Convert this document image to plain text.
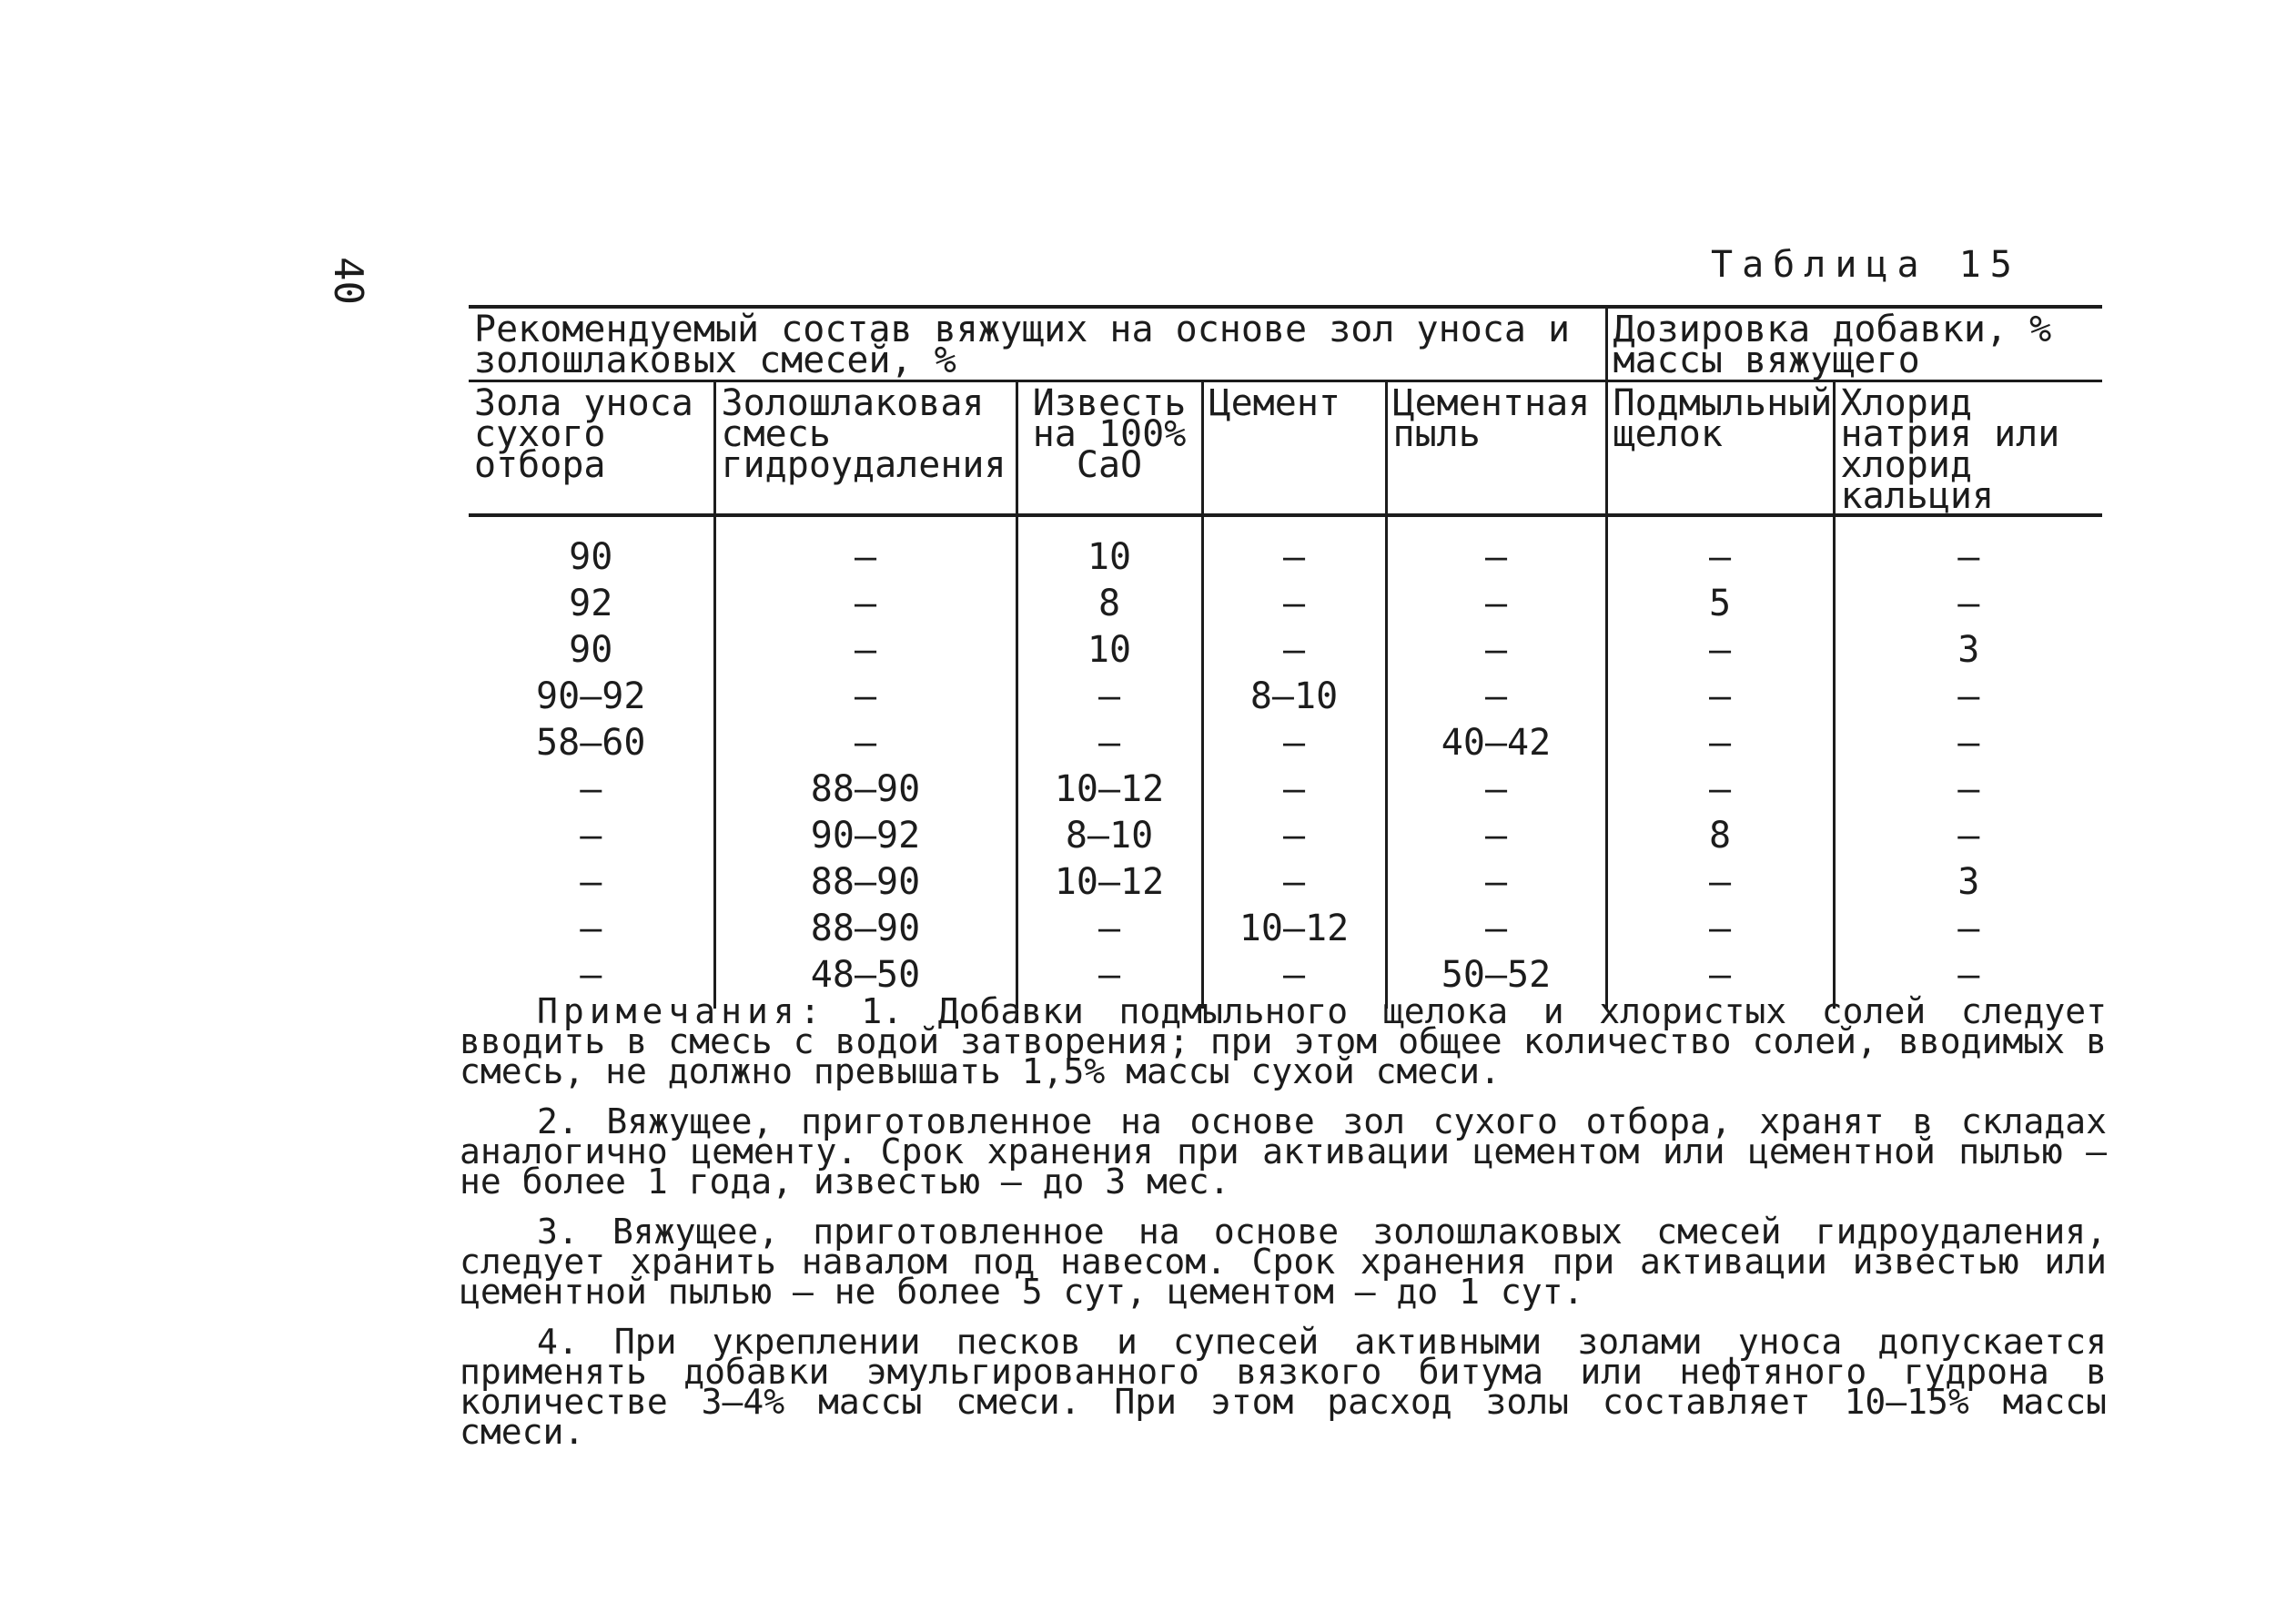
40	Таблица 15
Рекомендуемый состав вяжущих на основе зол уноса и золошлаковых смесей, %					Дозировка добавки, % массы вяжущего	
Зола уноса сухого отбора	Золошлаковая смесь гидроудаления	Известь на 100% СаО	Цемент	Цементная пыль	Подмыльный щелок	Хлорид натрия или хлорид кальция
90	–	10	–	–	–	–
92	–	8	–	–	5	–
90	–	10	–	–	–	3
90–92	–	–	8–10	–	–	–
58–60	–	–	–	40–42	–	–
–	88–90	10–12	–	–	–	–
–	90–92	8–10	–	–	8	–
–	88–90	10–12	–	–	–	3
–	88–90	–	10–12	–	–	–
–	48–50	–	–	50–52	–	–

Примечания: 1. Добавки подмыльного щелока и хлористых солей следует вводить в смесь с водой затворения; при этом общее количество солей, вводимых в смесь, не должно превышать 1,5% массы сухой смеси.

2. Вяжущее, приготовленное на основе зол сухого отбора, хранят в складах аналогично цементу. Срок хранения при активации цементом или цементной пылью – не более 1 года, известью – до 3 мес.

3. Вяжущее, приготовленное на основе золошлаковых смесей гидроудаления, следует хранить навалом под навесом. Срок хранения при активации известью или цементной пылью – не более 5 сут, цементом – до 1 сут.

4. При укреплении песков и супесей активными золами уноса допускается применять добавки эмульгированного вязкого битума или нефтяного гудрона в количестве 3–4% массы смеси. При этом расход золы составляет 10–15% массы смеси.
